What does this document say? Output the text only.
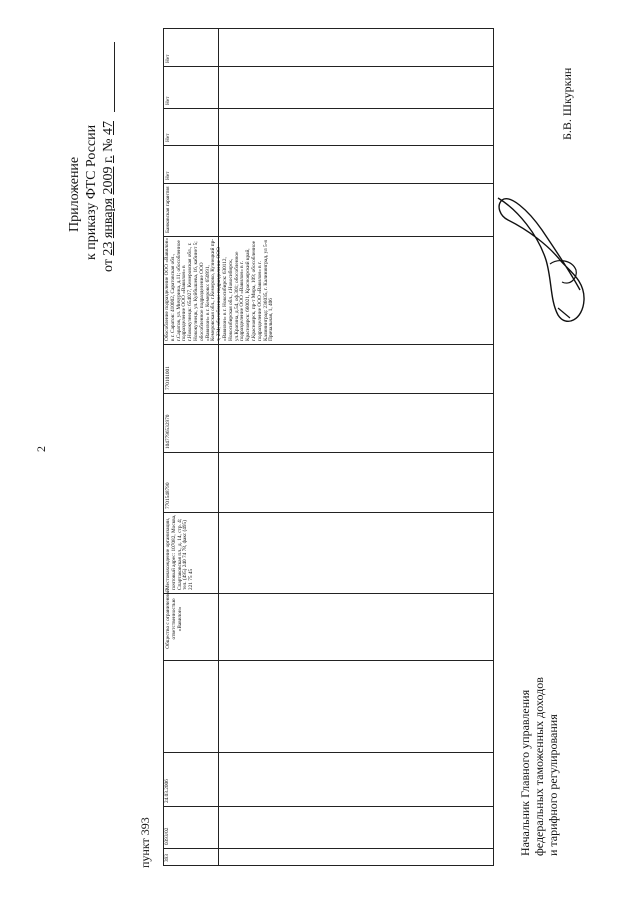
2
Приложение к приказу ФТС России
от 23 января 2009 г. № 47
пункт 393 393
0393/02
24.03.2006
Общество с ограниченной ответственностью «Вавилон»
Местонахождение организации, почтовый адрес: 107082, Москва, Спартаковская пл., д. 14, стр. 4; тел. (495) 240 74 78, факс (495) 221 75 45
7701548790
1047796532970
770101001
Обособление подразделение ООО «Вавилон» в г. Саратов: 410002, Саратовская обл., г.Саратов, ул. Мичурина, д.11; обособленное подразделение ООО «Вавилон» в г.Новокузнецк: 654027, Кемеровская обл., г. Новокузнецк, ул. Куйбышева, 16, кабинет 5; обособленное подразделение ООО «Вавилон» в г. Кемерово: 650991, Кемеровская обл., г.Кемерово, Кузнецкий пр-т, 234; обособленное подразделение ООО «Вавилон» в г. Новосибирск: 630112, Новосибирская обл., г.Новосибирск, ул.Красина, д.54, оф.301; обособленное подразделение ООО «Вавилон» в г. Красноярск: 660021, Красноярский край, г.Красноярск, пр-т Мира, 109; обособленное подразделение ООО «Вавилон» в г. Калининград: 236035, г. Калининград, ул 5-я Причальная, 1, 406
Банковская гарантия
Нет
Нет
Нет
Нет
Начальник Главного управления федеральных таможенных доходов и тарифного регулирования
Б.В. Шкуркин
